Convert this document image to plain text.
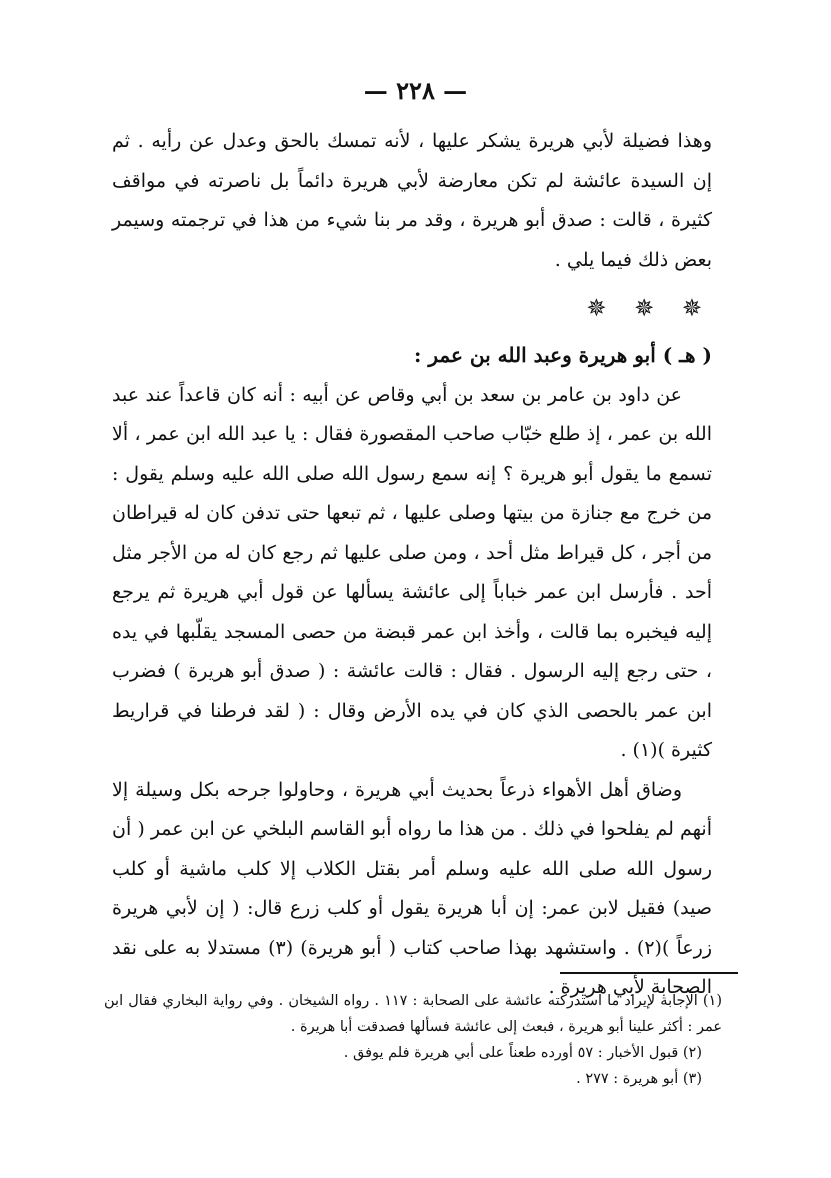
— ٢٢٨ —

وهذا فضيلة لأبي هريرة يشكر عليها ، لأنه تمسك بالحق وعدل عن رأيه . ثم إن السيدة عائشة لم تكن معارضة لأبي هريرة دائماً بل ناصرته في مواقف كثيرة ، قالت : صدق أبو هريرة ، وقد مر بنا شيء من هذا في ترجمته وسيمر بعض ذلك فيما يلي .

✵ ✵ ✵

( هـ ) أبو هريرة وعبد الله بن عمر :

عن داود بن عامر بن سعد بن أبي وقاص عن أبيه : أنه كان قاعداً عند عبد الله بن عمر ، إذ طلع خبّاب صاحب المقصورة فقال : يا عبد الله ابن عمر ، ألا تسمع ما يقول أبو هريرة ؟ إنه سمع رسول الله صلى الله عليه وسلم يقول : من خرج مع جنازة من بيتها وصلى عليها ، ثم تبعها حتى تدفن كان له قيراطان من أجر ، كل قيراط مثل أحد ، ومن صلى عليها ثم رجع كان له من الأجر مثل أحد . فأرسل ابن عمر خباباً إلى عائشة يسألها عن قول أبي هريرة ثم يرجع إليه فيخبره بما قالت ، وأخذ ابن عمر قبضة من حصى المسجد يقلّبها في يده ، حتى رجع إليه الرسول . فقال : قالت عائشة : ( صدق أبو هريرة ) فضرب ابن عمر بالحصى الذي كان في يده الأرض وقال : ( لقد فرطنا في قراريط كثيرة )(١) .

وضاق أهل الأهواء ذرعاً بحديث أبي هريرة ، وحاولوا جرحه بكل وسيلة إلا أنهم لم يفلحوا في ذلك . من هذا ما رواه أبو القاسم البلخي عن ابن عمر ( أن رسول الله صلى الله عليه وسلم أمر بقتل الكلاب إلا كلب ماشية أو كلب صيد) فقيل لابن عمر: إن أبا هريرة يقول أو كلب زرع قال: ( إن لأبي هريرة زرعاً )(٢) . واستشهد بهذا صاحب كتاب ( أبو هريرة) (٣) مستدلا به على نقد الصحابة لأبي هريرة .

(١) الإجابة لإيراد ما استدركته عائشة على الصحابة : ١١٧ . رواه الشيخان . وفي رواية البخاري فقال ابن عمر : أكثر علينا أبو هريرة ، فبعث إلى عائشة فسألها فصدقت أبا هريرة .

(٢) قبول الأخبار : ٥٧ أورده طعناً على أبي هريرة فلم يوفق .

(٣) أبو هريرة : ٢٧٧ .
